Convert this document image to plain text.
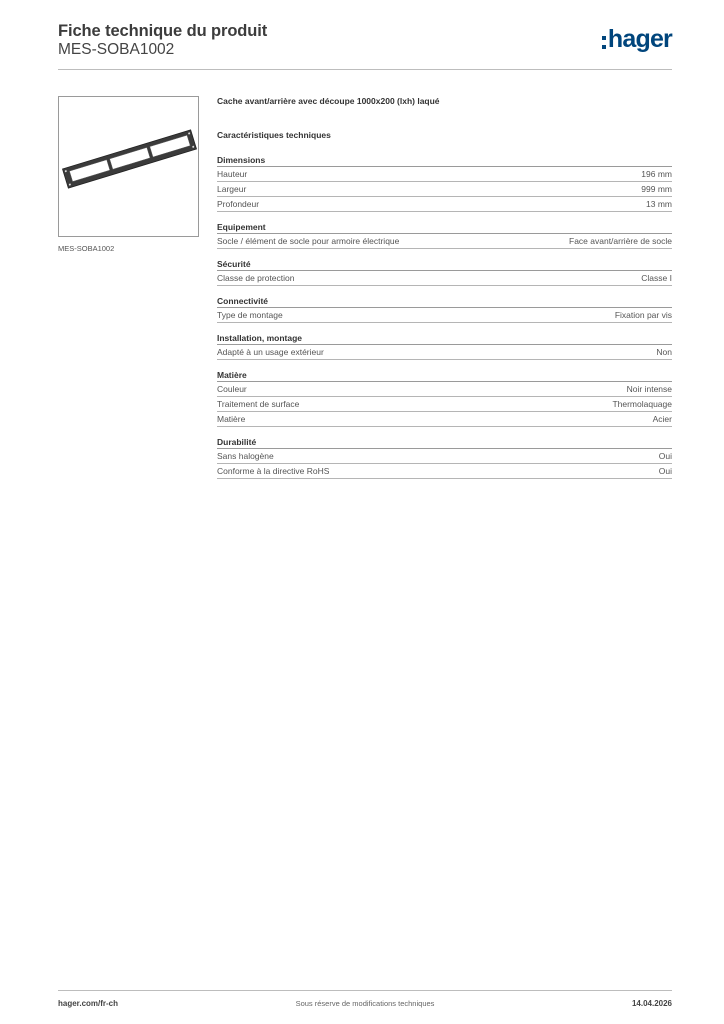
Fiche technique du produit
MES-SOBA1002	hager
MES-SOBA1002
Cache avant/arrière avec découpe 1000x200 (lxh) laqué
Caractéristiques techniques
Dimensions
Hauteur	196 mm
Largeur	999 mm
Profondeur	13 mm
Equipement
Socle / élément de socle pour armoire électrique	Face avant/arrière de socle
Sécurité
Classe de protection	Classe I
Connectivité
Type de montage	Fixation par vis
Installation, montage
Adapté à un usage extérieur	Non
Matière
Couleur	Noir intense
Traitement de surface	Thermolaquage
Matière	Acier
Durabilité
Sans halogène	Oui
Conforme à la directive RoHS	Oui
hager.com/fr-ch	Sous réserve de modifications techniques	14.04.2026
